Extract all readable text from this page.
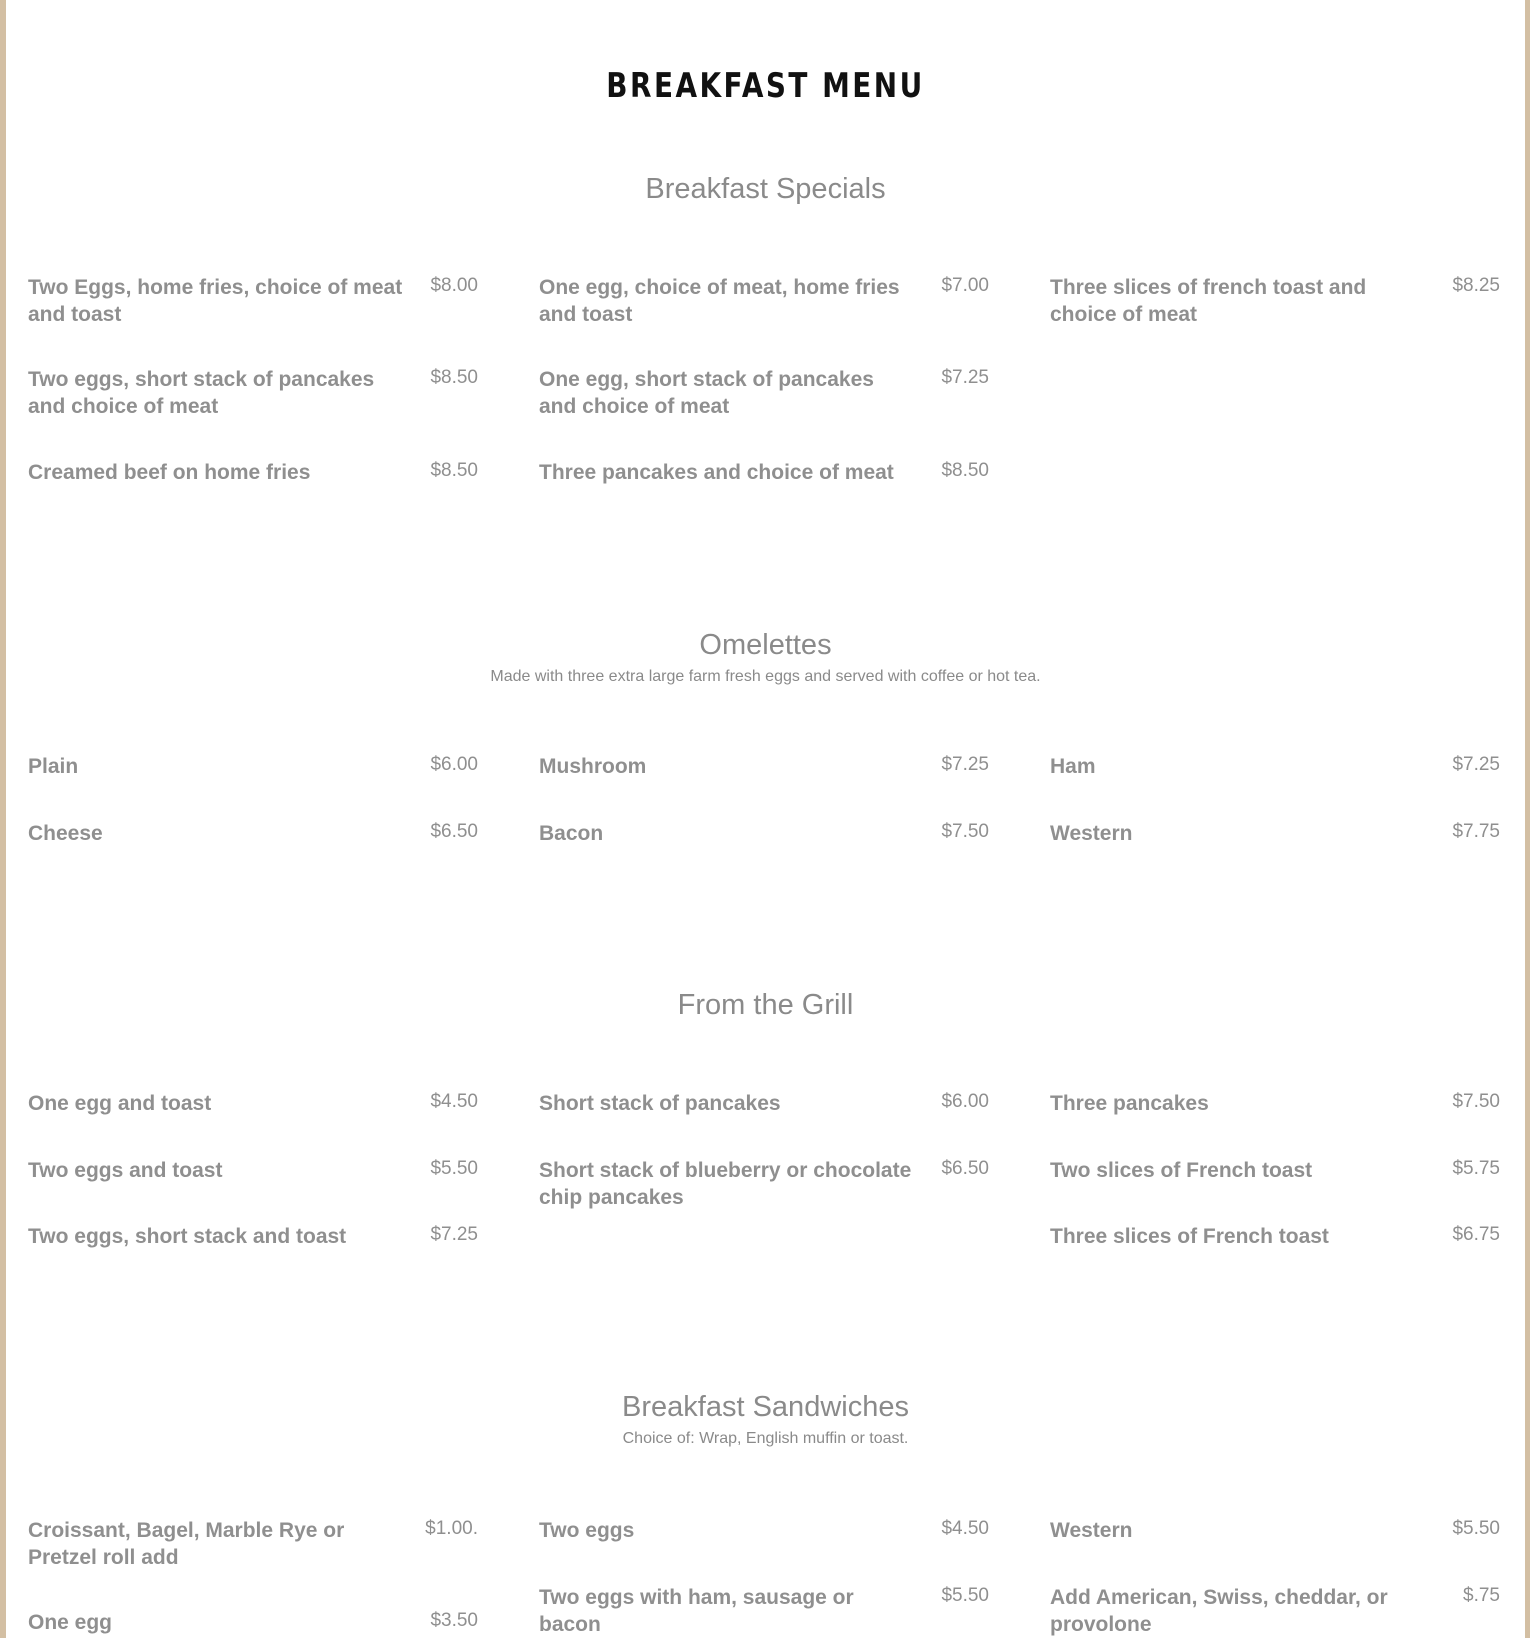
BREAKFAST MENU
Breakfast Specials
Two Eggs, home fries, choice of meat and toast
$8.00
Two eggs, short stack of pancakes and choice of meat
$8.50
Creamed beef on home fries	$8.50
One egg, choice of meat, home fries and toast
$7.00
One egg, short stack of pancakes and choice of meat
$7.25
Three pancakes and choice of meat	$8.50
Three slices of french toast and choice of meat
$8.25
Omelettes

Made with three extra large farm fresh eggs and served with coffee or hot tea.

Plain	$6.00
Cheese	$6.50
Mushroom	$7.25
Bacon	$7.50
Ham	$7.25
Western	$7.75
From the Grill
One egg and toast	$4.50
Two eggs and toast	$5.50
Two eggs, short stack and toast	$7.25
Short stack of pancakes	$6.00
Short stack of blueberry or chocolate chip pancakes
$6.50
Three pancakes	$7.50
Two slices of French toast	$5.75
Three slices of French toast	$6.75
Breakfast Sandwiches

Choice of: Wrap, English muffin or toast.

Croissant, Bagel, Marble Rye or Pretzel roll add
$1.00.
One egg	$3.50
Two eggs	$4.50
Two eggs with ham, sausage or bacon
$5.50
Western	$5.50
Add American, Swiss, cheddar, or provolone
$.75
